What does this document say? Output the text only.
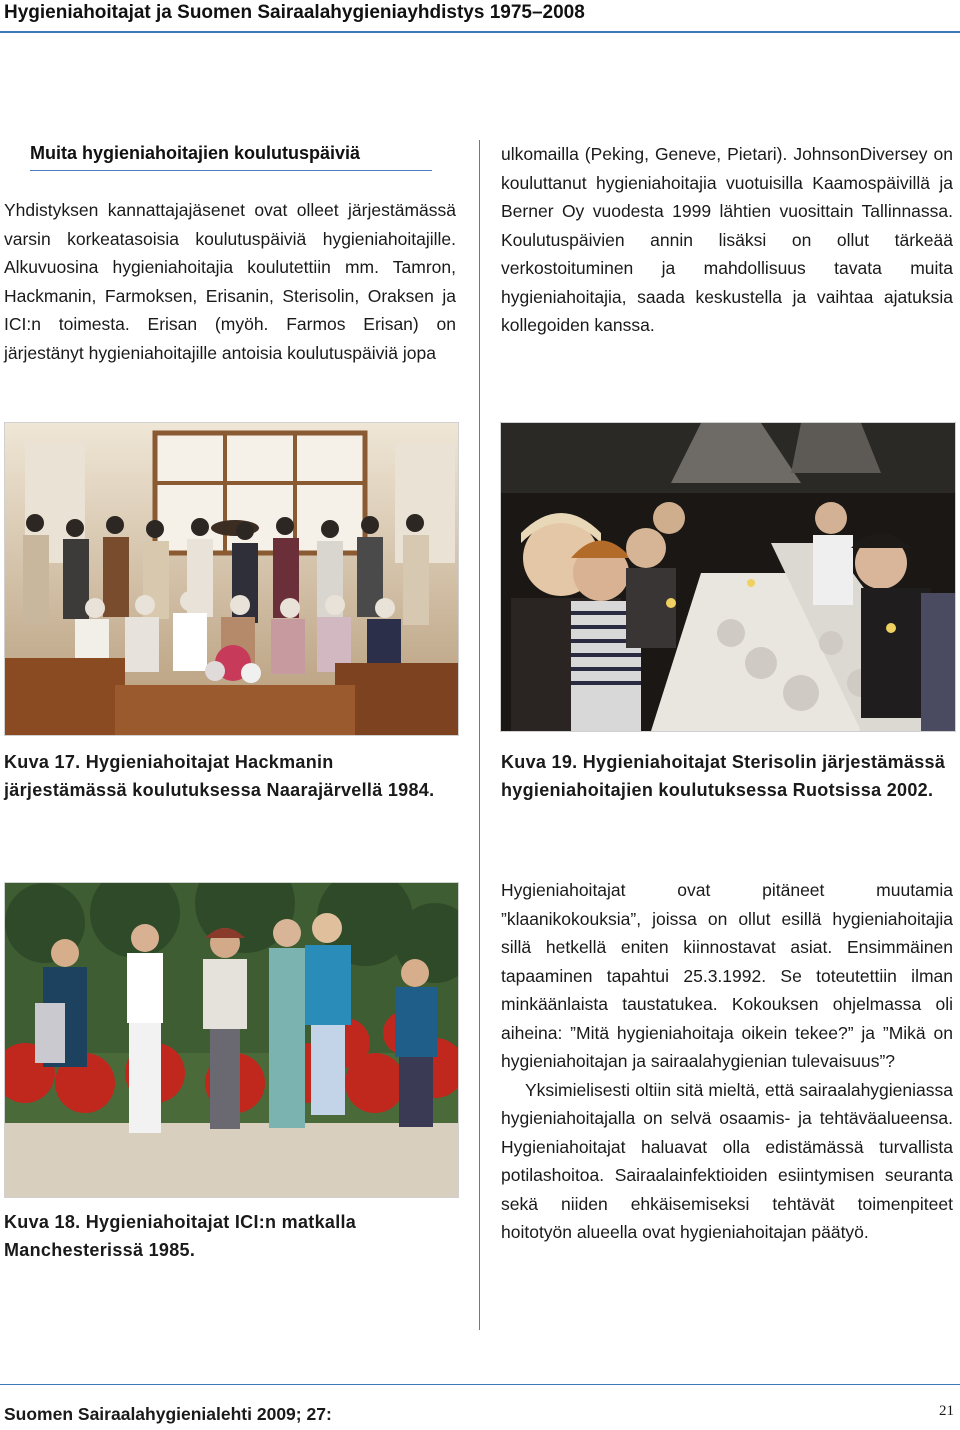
Hygieniahoitajat ja Suomen Sairaalahygieniayhdistys 1975–2008
Muita hygieniahoitajien koulutuspäiviä

Yhdistyksen kannattajajäsenet ovat olleet järjestämässä varsin korkeatasoisia koulutuspäiviä hygieniahoitajille. Alkuvuosina hygieniahoitajia koulutettiin mm. Tamron, Hackmanin, Farmoksen, Erisanin, Sterisolin, Oraksen ja ICI:n toimesta. Erisan (myöh. Farmos Erisan) on järjestänyt hygieniahoitajille antoisia koulutuspäiviä jopa

ulkomailla (Peking, Geneve, Pietari). JohnsonDiversey on kouluttanut hygieniahoitajia vuotuisilla Kaamospäivillä ja Berner Oy vuodesta 1999 lähtien vuosittain Tallinnassa. Koulutuspäivien annin lisäksi on ollut tärkeää verkostoituminen ja mahdollisuus tavata muita hygieniahoitajia, saada keskustella ja vaihtaa ajatuksia kollegoiden kanssa.

Kuva 17. Hygieniahoitajat Hackmanin järjestämässä koulutuksessa Naarajärvellä 1984.

Kuva 19. Hygieniahoitajat Sterisolin järjestämässä hygieniahoitajien koulutuksessa Ruotsissa 2002.

Kuva 18. Hygieniahoitajat ICI:n matkalla Manchesterissä 1985.

Hygieniahoitajat ovat pitäneet muutamia ”klaanikokouksia”, joissa on ollut esillä hygieniahoitajia sillä hetkellä eniten kiinnostavat asiat. Ensimmäinen tapaaminen tapahtui 25.3.1992. Se toteutettiin ilman minkäänlaista taustatukea. Kokouksen ohjelmassa oli aiheina: ”Mitä hygieniahoitaja oikein tekee?” ja ”Mikä on hygieniahoitajan ja sairaalahygienian tulevaisuus”?

Yksimielisesti oltiin sitä mieltä, että sairaalahygieniassa hygieniahoitajalla on selvä osaamis- ja tehtäväalueensa. Hygieniahoitajat haluavat olla edistämässä turvallista potilashoitoa. Sairaalainfektioiden esiintymisen seuranta sekä niiden ehkäisemiseksi tehtävät toimenpiteet hoitotyön alueella ovat hygieniahoitajan päätyö.

Suomen Sairaalahygienialehti 2009; 27:	21
